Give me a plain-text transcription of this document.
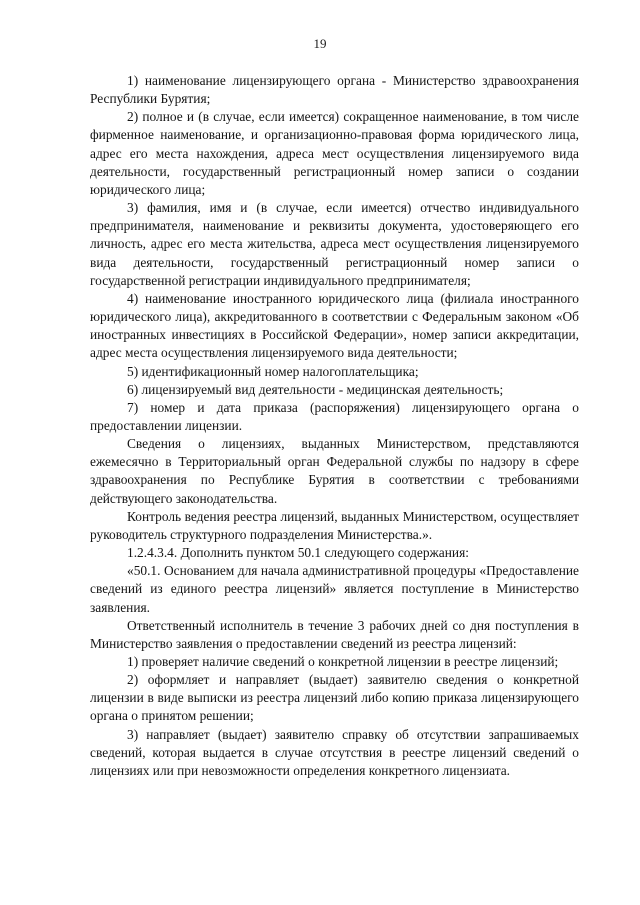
19

1) наименование лицензирующего органа - Министерство здравоохранения Республики Бурятия;

2) полное и (в случае, если имеется) сокращенное наименование, в том числе фирменное наименование, и организационно-правовая форма юридического лица, адрес его места нахождения, адреса мест осуществления лицензируемого вида деятельности, государственный регистрационный номер записи о создании юридического лица;

3) фамилия, имя и (в случае, если имеется) отчество индивидуального предпринимателя, наименование и реквизиты документа, удостоверяющего его личность, адрес его места жительства, адреса мест осуществления лицензируемого вида деятельности, государственный регистрационный номер записи о государственной регистрации индивидуального предпринимателя;

4) наименование иностранного юридического лица (филиала иностранного юридического лица), аккредитованного в соответствии с Федеральным законом «Об иностранных инвестициях в Российской Федерации», номер записи аккредитации, адрес места осуществления лицензируемого вида деятельности;

5) идентификационный номер налогоплательщика;

6) лицензируемый вид деятельности - медицинская деятельность;

7) номер и дата приказа (распоряжения) лицензирующего органа о предоставлении лицензии.

Сведения о лицензиях, выданных Министерством, представляются ежемесячно в Территориальный орган Федеральной службы по надзору в сфере здравоохранения по Республике Бурятия в соответствии с требованиями действующего законодательства.

Контроль ведения реестра лицензий, выданных Министерством, осуществляет руководитель структурного подразделения Министерства.».

1.2.4.3.4. Дополнить пунктом 50.1 следующего содержания:

«50.1. Основанием для начала административной процедуры «Предоставление сведений из единого реестра лицензий» является поступление в Министерство заявления.

Ответственный исполнитель в течение 3 рабочих дней со дня поступления в Министерство заявления о предоставлении сведений из реестра лицензий:

1) проверяет наличие сведений о конкретной лицензии в реестре лицензий;

2) оформляет и направляет (выдает) заявителю сведения о конкретной лицензии в виде выписки из реестра лицензий либо копию приказа лицензирующего органа о принятом решении;

3) направляет (выдает) заявителю справку об отсутствии запрашиваемых сведений, которая выдается в случае отсутствия в реестре лицензий сведений о лицензиях или при невозможности определения конкретного лицензиата.
